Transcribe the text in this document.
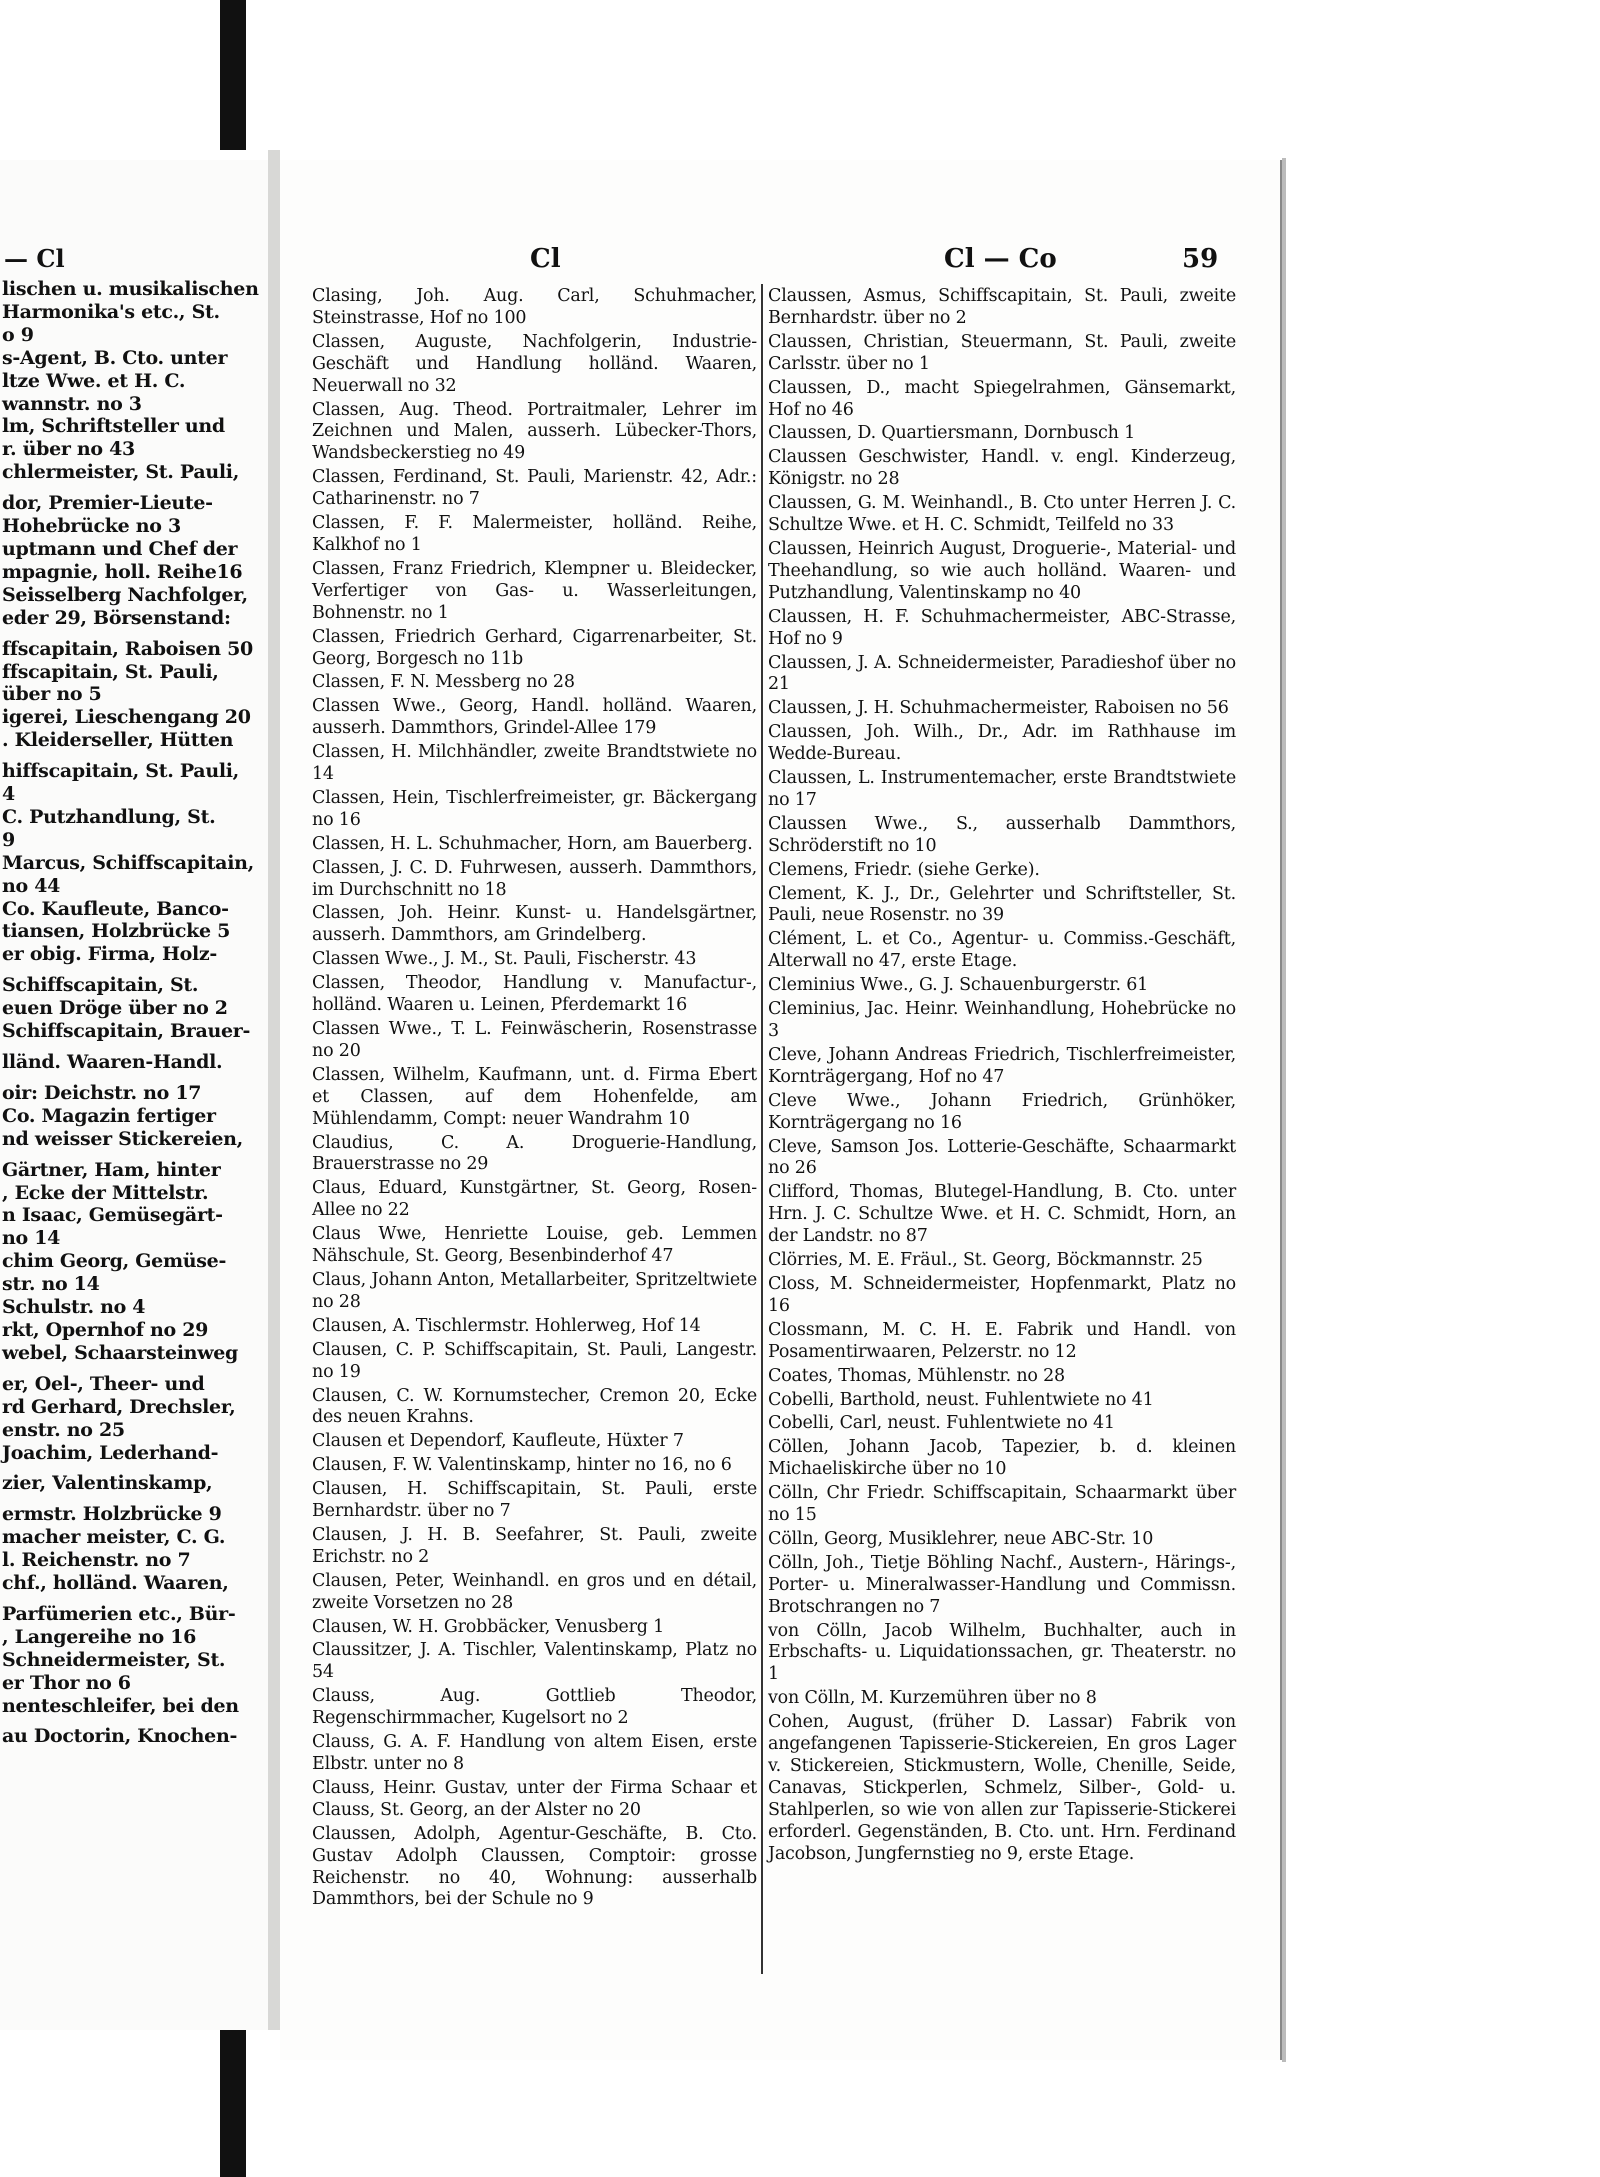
— Cl
lischen u. musikalischen
Harmonika's etc., St.
o 9
s-Agent, B. Cto. unter
ltze Wwe. et H. C.
wannstr. no 3
lm, Schriftsteller und
r. über no 43
chlermeister, St. Pauli,
dor, Premier-Lieute-
Hohebrücke no 3
uptmann und Chef der
mpagnie, holl. Reihe16
Seisselberg Nachfolger,
eder 29, Börsenstand:
ffscapitain, Raboisen 50
ffscapitain, St. Pauli,
über no 5
igerei, Lieschengang 20
. Kleiderseller, Hütten
hiffscapitain, St. Pauli,
4
C. Putzhandlung, St.
9
Marcus, Schiffscapitain,
no 44
Co. Kaufleute, Banco-
tiansen, Holzbrücke 5
er obig. Firma, Holz-
Schiffscapitain, St.
euen Dröge über no 2
Schiffscapitain, Brauer-
lländ. Waaren-Handl.
oir: Deichstr. no 17
Co. Magazin fertiger
nd weisser Stickereien,
Gärtner, Ham, hinter
, Ecke der Mittelstr.
n Isaac, Gemüsegärt-
no 14
chim Georg, Gemüse-
str. no 14
Schulstr. no 4
rkt, Opernhof no 29
webel, Schaarsteinweg
er, Oel-, Theer- und
rd Gerhard, Drechsler,
enstr. no 25
Joachim, Lederhand-
zier, Valentinskamp,
ermstr. Holzbrücke 9
macher meister, C. G.
l. Reichenstr. no 7
chf., holländ. Waaren,
Parfümerien etc., Bür-
, Langereihe no 16
Schneidermeister, St.
er Thor no 6
nenteschleifer, bei den
au Doctorin, Knochen-
Cl	Cl — Co	59
Clasing, Joh. Aug. Carl, Schuhmacher, Steinstrasse, Hof no 100
Classen, Auguste, Nachfolgerin, Industrie-Geschäft und Handlung holländ. Waaren, Neuerwall no 32
Classen, Aug. Theod. Portraitmaler, Lehrer im Zeichnen und Malen, ausserh. Lübecker-Thors, Wandsbeckerstieg no 49
Classen, Ferdinand, St. Pauli, Marienstr. 42, Adr.: Catharinenstr. no 7
Classen, F. F. Malermeister, holländ. Reihe, Kalkhof no 1
Classen, Franz Friedrich, Klempner u. Bleidecker, Verfertiger von Gas- u. Wasserleitungen, Bohnenstr. no 1
Classen, Friedrich Gerhard, Cigarrenarbeiter, St. Georg, Borgesch no 11b
Classen, F. N. Messberg no 28
Classen Wwe., Georg, Handl. holländ. Waaren, ausserh. Dammthors, Grindel-Allee 179
Classen, H. Milchhändler, zweite Brandtstwiete no 14
Classen, Hein, Tischlerfreimeister, gr. Bäckergang no 16
Classen, H. L. Schuhmacher, Horn, am Bauerberg.
Classen, J. C. D. Fuhrwesen, ausserh. Dammthors, im Durchschnitt no 18
Classen, Joh. Heinr. Kunst- u. Handelsgärtner, ausserh. Dammthors, am Grindelberg.
Classen Wwe., J. M., St. Pauli, Fischerstr. 43
Classen, Theodor, Handlung v. Manufactur-, holländ. Waaren u. Leinen, Pferdemarkt 16
Classen Wwe., T. L. Feinwäscherin, Rosenstrasse no 20
Classen, Wilhelm, Kaufmann, unt. d. Firma Ebert et Classen, auf dem Hohenfelde, am Mühlendamm, Compt: neuer Wandrahm 10
Claudius, C. A. Droguerie-Handlung, Brauerstrasse no 29
Claus, Eduard, Kunstgärtner, St. Georg, Rosen-Allee no 22
Claus Wwe, Henriette Louise, geb. Lemmen Nähschule, St. Georg, Besenbinderhof 47
Claus, Johann Anton, Metallarbeiter, Spritzeltwiete no 28
Clausen, A. Tischlermstr. Hohlerweg, Hof 14
Clausen, C. P. Schiffscapitain, St. Pauli, Langestr. no 19
Clausen, C. W. Kornumstecher, Cremon 20, Ecke des neuen Krahns.
Clausen et Dependorf, Kaufleute, Hüxter 7
Clausen, F. W. Valentinskamp, hinter no 16, no 6
Clausen, H. Schiffscapitain, St. Pauli, erste Bernhardstr. über no 7
Clausen, J. H. B. Seefahrer, St. Pauli, zweite Erichstr. no 2
Clausen, Peter, Weinhandl. en gros und en détail, zweite Vorsetzen no 28
Clausen, W. H. Grobbäcker, Venusberg 1
Claussitzer, J. A. Tischler, Valentinskamp, Platz no 54
Clauss, Aug. Gottlieb Theodor, Regenschirmmacher, Kugelsort no 2
Clauss, G. A. F. Handlung von altem Eisen, erste Elbstr. unter no 8
Clauss, Heinr. Gustav, unter der Firma Schaar et Clauss, St. Georg, an der Alster no 20
Claussen, Adolph, Agentur-Geschäfte, B. Cto. Gustav Adolph Claussen, Comptoir: grosse Reichenstr. no 40, Wohnung: ausserhalb Dammthors, bei der Schule no 9
Claussen, Asmus, Schiffscapitain, St. Pauli, zweite Bernhardstr. über no 2
Claussen, Christian, Steuermann, St. Pauli, zweite Carlsstr. über no 1
Claussen, D., macht Spiegelrahmen, Gänsemarkt, Hof no 46
Claussen, D. Quartiersmann, Dornbusch 1
Claussen Geschwister, Handl. v. engl. Kinderzeug, Königstr. no 28
Claussen, G. M. Weinhandl., B. Cto unter Herren J. C. Schultze Wwe. et H. C. Schmidt, Teilfeld no 33
Claussen, Heinrich August, Droguerie-, Material- und Theehandlung, so wie auch holländ. Waaren- und Putzhandlung, Valentinskamp no 40
Claussen, H. F. Schuhmachermeister, ABC-Strasse, Hof no 9
Claussen, J. A. Schneidermeister, Paradieshof über no 21
Claussen, J. H. Schuhmachermeister, Raboisen no 56
Claussen, Joh. Wilh., Dr., Adr. im Rathhause im Wedde-Bureau.
Claussen, L. Instrumentemacher, erste Brandtstwiete no 17
Claussen Wwe., S., ausserhalb Dammthors, Schröderstift no 10
Clemens, Friedr. (siehe Gerke).
Clement, K. J., Dr., Gelehrter und Schriftsteller, St. Pauli, neue Rosenstr. no 39
Clément, L. et Co., Agentur- u. Commiss.-Geschäft, Alterwall no 47, erste Etage.
Cleminius Wwe., G. J. Schauenburgerstr. 61
Cleminius, Jac. Heinr. Weinhandlung, Hohebrücke no 3
Cleve, Johann Andreas Friedrich, Tischlerfreimeister, Kornträgergang, Hof no 47
Cleve Wwe., Johann Friedrich, Grünhöker, Kornträgergang no 16
Cleve, Samson Jos. Lotterie-Geschäfte, Schaarmarkt no 26
Clifford, Thomas, Blutegel-Handlung, B. Cto. unter Hrn. J. C. Schultze Wwe. et H. C. Schmidt, Horn, an der Landstr. no 87
Clörries, M. E. Fräul., St. Georg, Böckmannstr. 25
Closs, M. Schneidermeister, Hopfenmarkt, Platz no 16
Clossmann, M. C. H. E. Fabrik und Handl. von Posamentirwaaren, Pelzerstr. no 12
Coates, Thomas, Mühlenstr. no 28
Cobelli, Barthold, neust. Fuhlentwiete no 41
Cobelli, Carl, neust. Fuhlentwiete no 41
Cöllen, Johann Jacob, Tapezier, b. d. kleinen Michaeliskirche über no 10
Cölln, Chr Friedr. Schiffscapitain, Schaarmarkt über no 15
Cölln, Georg, Musiklehrer, neue ABC-Str. 10
Cölln, Joh., Tietje Böhling Nachf., Austern-, Härings-, Porter- u. Mineralwasser-Handlung und Commissn. Brotschrangen no 7
von Cölln, Jacob Wilhelm, Buchhalter, auch in Erbschafts- u. Liquidationssachen, gr. Theaterstr. no 1
von Cölln, M. Kurzemühren über no 8
Cohen, August, (früher D. Lassar) Fabrik von angefangenen Tapisserie-Stickereien, En gros Lager v. Stickereien, Stickmustern, Wolle, Chenille, Seide, Canavas, Stickperlen, Schmelz, Silber-, Gold- u. Stahlperlen, so wie von allen zur Tapisserie-Stickerei erforderl. Gegenständen, B. Cto. unt. Hrn. Ferdinand Jacobson, Jungfernstieg no 9, erste Etage.
